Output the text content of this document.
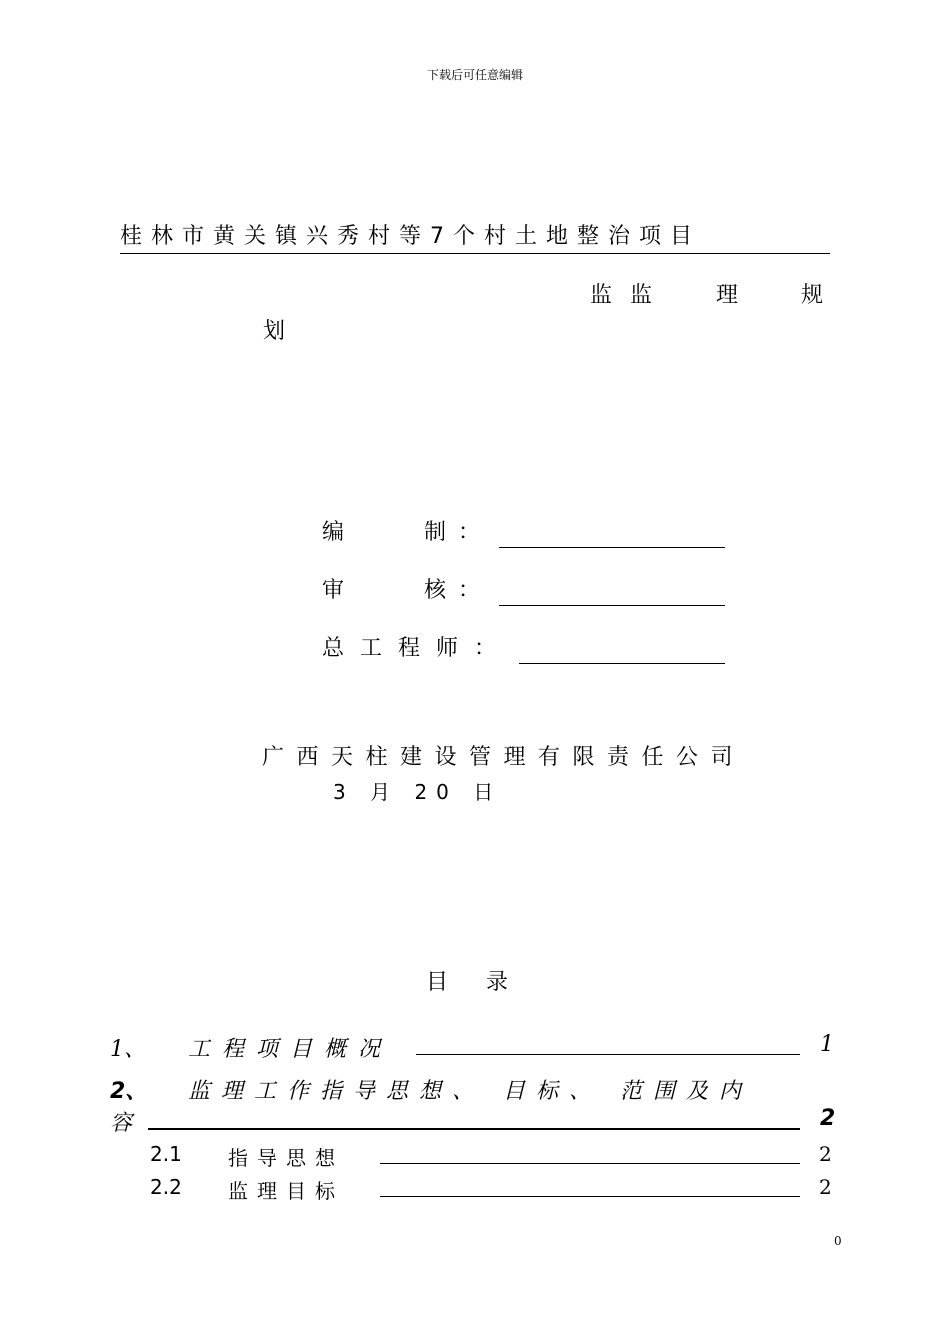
下载后可任意编辑
桂林市黄关镇兴秀村等7个村土地整治项目
监 监	理	规
划
编　　制：
审　　核：
总工程师：
广西天柱建设管理有限责任公司
3 月 20 日
目录
1、 工程项目概况	1
2、 监理工作指导思想、 目标、 范围及内
容	2
2.1 指导思想	2
2.2 监理目标	2
0
